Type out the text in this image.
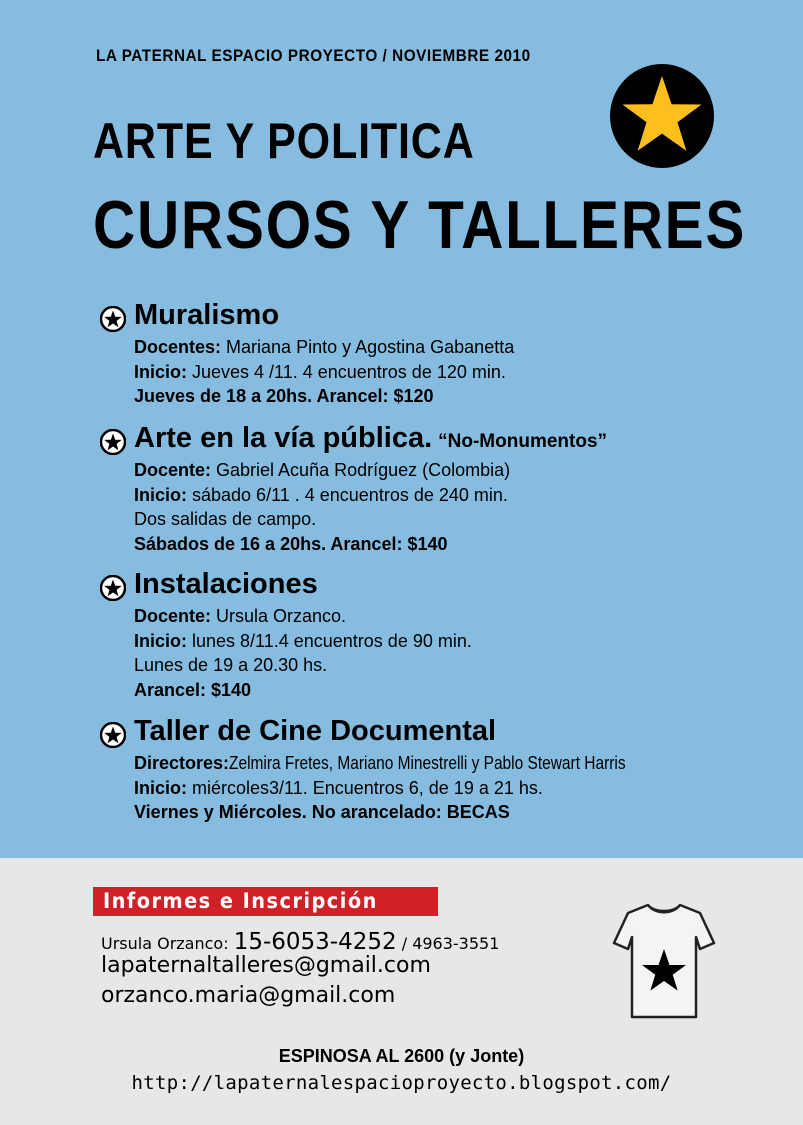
LA PATERNAL ESPACIO PROYECTO / NOVIEMBRE 2010
ARTE Y POLITICA
CURSOS Y TALLERES
Muralismo
Docentes: Mariana Pinto y Agostina Gabanetta
Inicio: Jueves 4 /11. 4 encuentros de 120 min.
Jueves de 18 a 20hs. Arancel: $120
Arte en la vía pública. “No-Monumentos”
Docente: Gabriel Acuña Rodríguez (Colombia)
Inicio: sábado 6/11 . 4 encuentros de 240 min.
Dos salidas de campo.
Sábados de 16 a 20hs. Arancel: $140
Instalaciones
Docente: Ursula Orzanco.
Inicio: lunes 8/11.4 encuentros de 90 min.
Lunes de 19 a 20.30 hs.
Arancel: $140
Taller de Cine Documental
Directores:Zelmira Fretes, Mariano Minestrelli y Pablo Stewart Harris
Inicio: miércoles3/11. Encuentros 6, de 19 a 21 hs.
Viernes y Miércoles. No arancelado: BECAS
Informes e Inscripción
Ursula Orzanco: 15-6053-4252 / 4963-3551
lapaternaltalleres@gmail.com
orzanco.maria@gmail.com
ESPINOSA AL 2600 (y Jonte)
http://lapaternalespacioproyecto.blogspot.com/
